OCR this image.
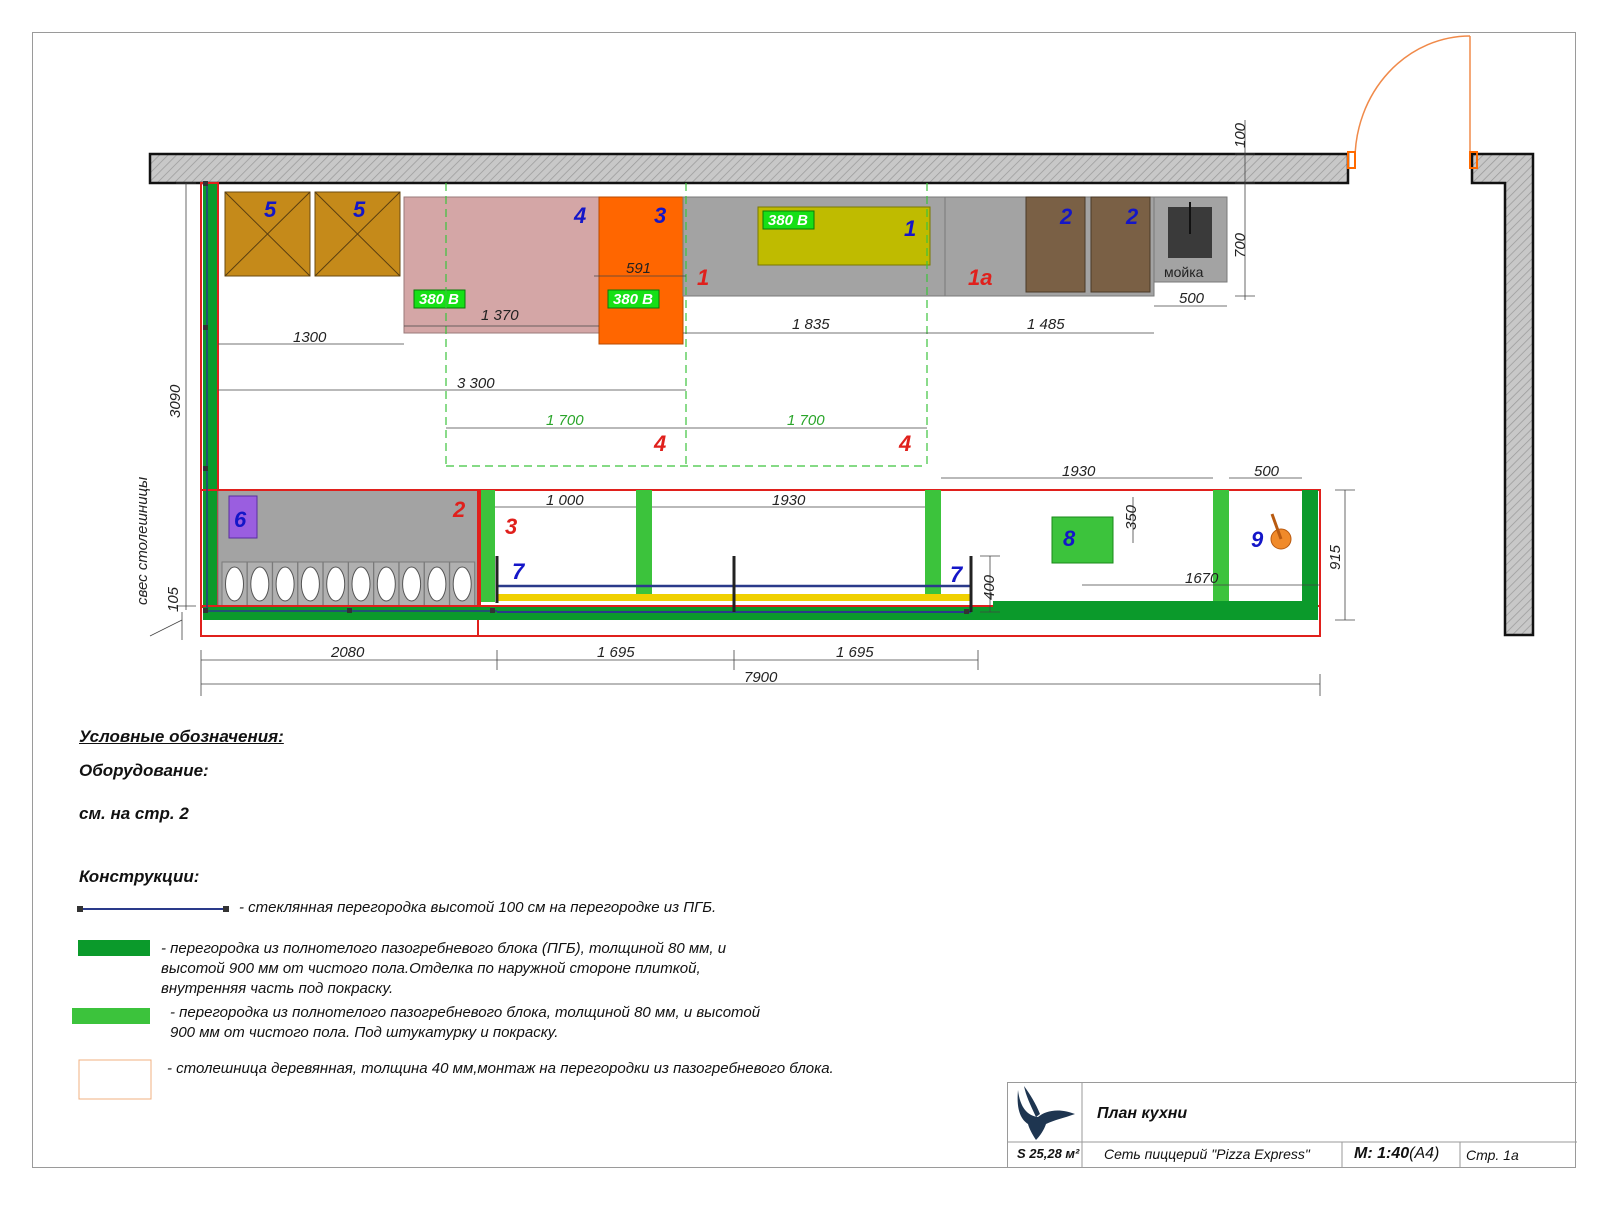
380 В
380 В	380 В
100
700
3090
591
1 370
1300
1 835	1 485
500
3 300
1 700	1 700
1930	500
1 000	1930
350
915
1670
400
105
2080	1 695	1 695
7900
свес столешницы
5	5	4	3
1	2 2
6
7	7
8	9
мойка
1	1а
2
3
4	4
Условные обозначения:
Оборудование:
см. на стр. 2
Конструкции:
- стеклянная перегородка высотой 100 см на перегородке из ПГБ.
- перегородка из полнотелого пазогребневого блока (ПГБ), толщиной 80 мм, и высотой 900 мм от чистого пола.Отделка по наружной стороне плиткой, внутренняя часть под покраску.
- перегородка из полнотелого пазогребневого блока, толщиной 80 мм, и высотой 900 мм от чистого пола. Под штукатурку и покраску.
- столешница деревянная, толщина 40 мм,монтаж на перегородки из пазогребневого блока.
План кухни
S 25,28 м² Сеть пиццерий "Pizza Express"	М: 1:40(А4) Стр. 1а
